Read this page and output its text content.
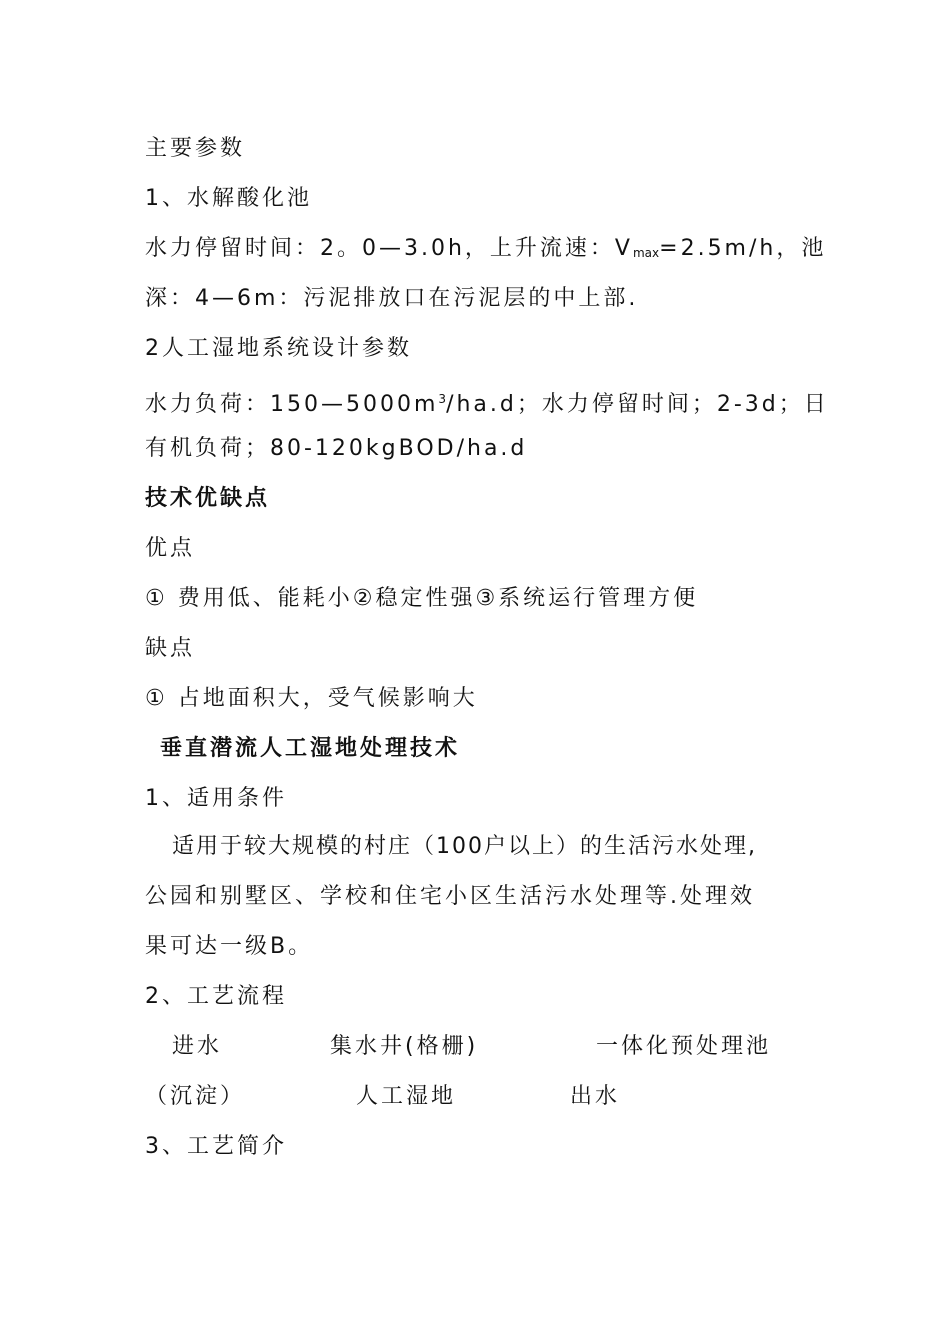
主要参数
1、水解酸化池
水力停留时间：2。0—3.0h，上升流速：Vmax=2.5m/h，池
深：4—6m：污泥排放口在污泥层的中上部.
2人工湿地系统设计参数
水力负荷：$150—5000m^3/ha.d$；水力停留时间；2-3d；日
有机负荷；80-120kgBOD/ha.d
技术优缺点
优点
① 费用低、能耗小②稳定性强③系统运行管理方便
缺点
① 占地面积大，受气候影响大
垂直潜流人工湿地处理技术
1、适用条件
适用于较大规模的村庄（100户以上）的生活污水处理,
公园和别墅区、学校和住宅小区生活污水处理等.处理效
果可达一级B。
2、工艺流程
进水	集水井(格栅)	一体化预处理池
（沉淀）	人工湿地	出水
3、工艺简介
